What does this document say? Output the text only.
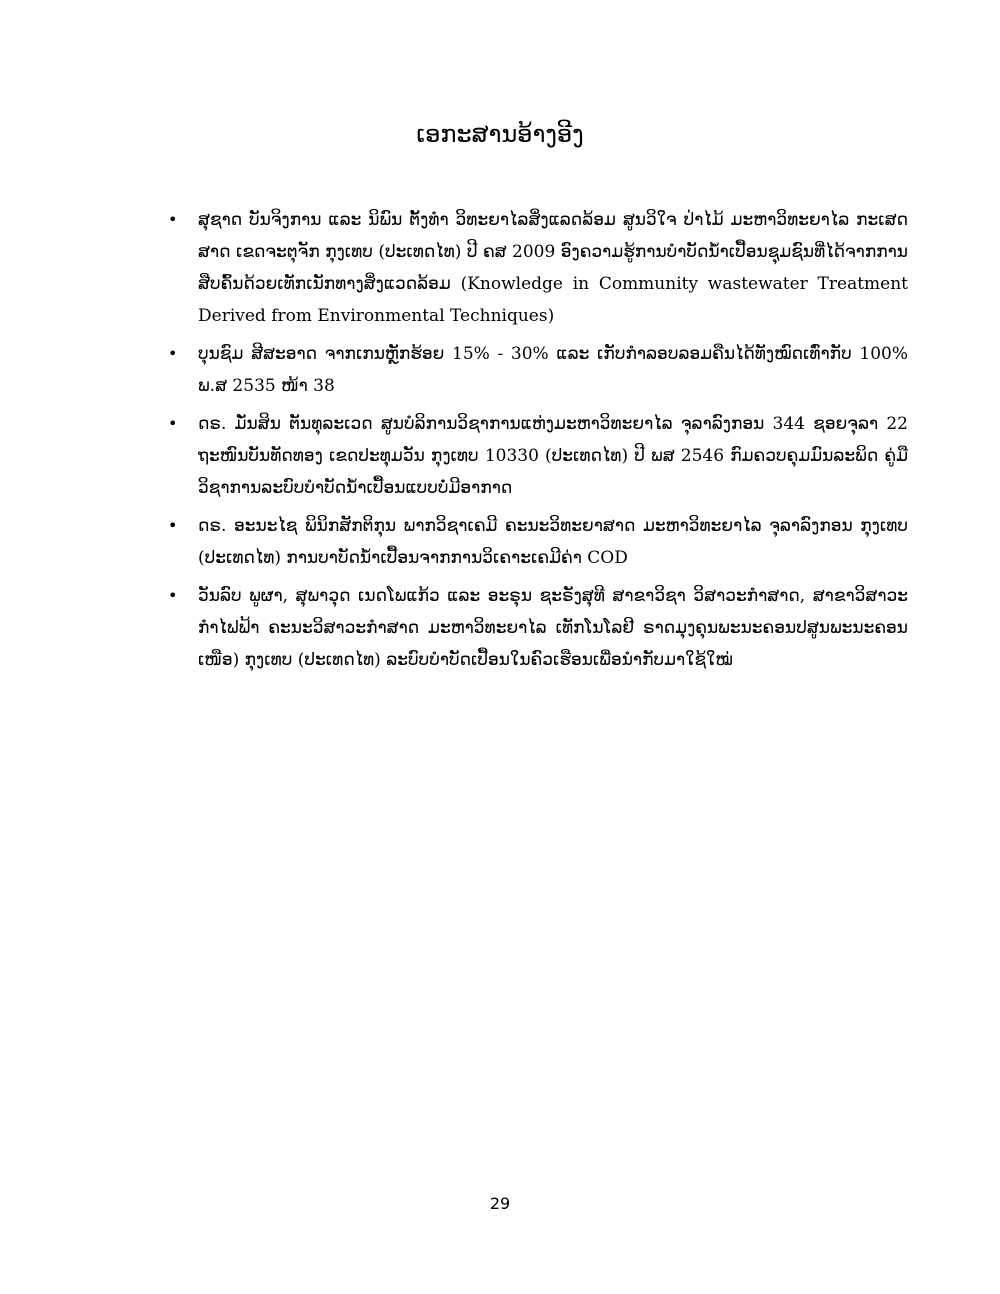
ເອກະສານອ້າງອີງ
• ສຸຊາດ ບັນຈິງການ ແລະ ນິພົນ ຕັ້ງທຳ ວິທະຍາໄລສິ່ງແລດລ້ອມ ສູນວິໃຈ ປ່າໄມ້ ມະຫາວິທະຍາໄລ ກະເສດສາດ ເຂດຈະຕຸຈັກ ກຸງເທບ (ປະເທດໄທ) ປີ ຄສ 2009 ອົງຄວາມຮູ້ການບຳບັດນ້ຳເປື້ອນຊຸມຊົນທີ່ໄດ້ຈາກການສືບຄົ້ນດ້ວຍເທັກເນັກທາງສິ່ງແວດລ້ອມ (Knowledge in Community wastewater Treatment Derived from Environmental Techniques)
• ບຸນຊົມ ສີສະອາດ ຈາກເກນຫຼັກຮ້ອຍ 15% - 30% ແລະ ເກັບກຳລອບລອມຄືນໄດ້ທັງໝົດເທົ່າກັບ 100% ພ.ສ 2535 ໜ້າ 38
• ດຣ. ມັ່ນສິນ ຕັນທຸລະເວດ ສູນບໍລິການວິຊາການແຫ່ງມະຫາວິທະຍາໄລ ຈຸລາລົງກອນ 344 ຊອຍຈຸລາ 22 ຖະໜົນບັນທັດທອງ ເຂດປະທຸມວັນ ກຸງເທບ 10330 (ປະເທດໄທ) ປີ ພສ 2546 ກົມຄວບຄຸມມົນລະພິດ ຄູ່ມືວິຊາການລະບົບບຳບັດນ້ຳເປື້ອນແບບບໍ່ມີອາກາດ
• ດຣ. ອະນະໄຊ ພິນິກສັກຕິກຸນ ພາກວິຊາເຄມີ ຄະນະວິທະຍາສາດ ມະຫາວິທະຍາໄລ ຈຸລາລົງກອນ ກຸງເທບ (ປະເທດໄທ) ການບາບັດນ້ຳເປື້ອນຈາກການວິເຄາະເຄມີຄ່າ COD
• ວັນລົບ ພູຜາ, ສຸພາວຸດ ເນດໂພແກ້ວ ແລະ ອະຣຸນ ຊະຣັງສຸທີ ສາຂາວິຊາ ວິສາວະກຳສາດ, ສາຂາວິສາວະກຳໄຟຟ້າ ຄະນະວິສາວະກຳສາດ ມະຫາວິທະຍາໄລ ເທັກໂນໂລຢີ ຣາດມຸງຄຸນພະນະຄອນປສູນພະນະຄອນເໜືອ) ກຸງເທບ (ປະເທດໄທ) ລະບົບບຳບັດເປື້ອນໃນຄົວເຮືອນເພື່ອນຳກັບມາໃຊ້ໃໝ່
29
